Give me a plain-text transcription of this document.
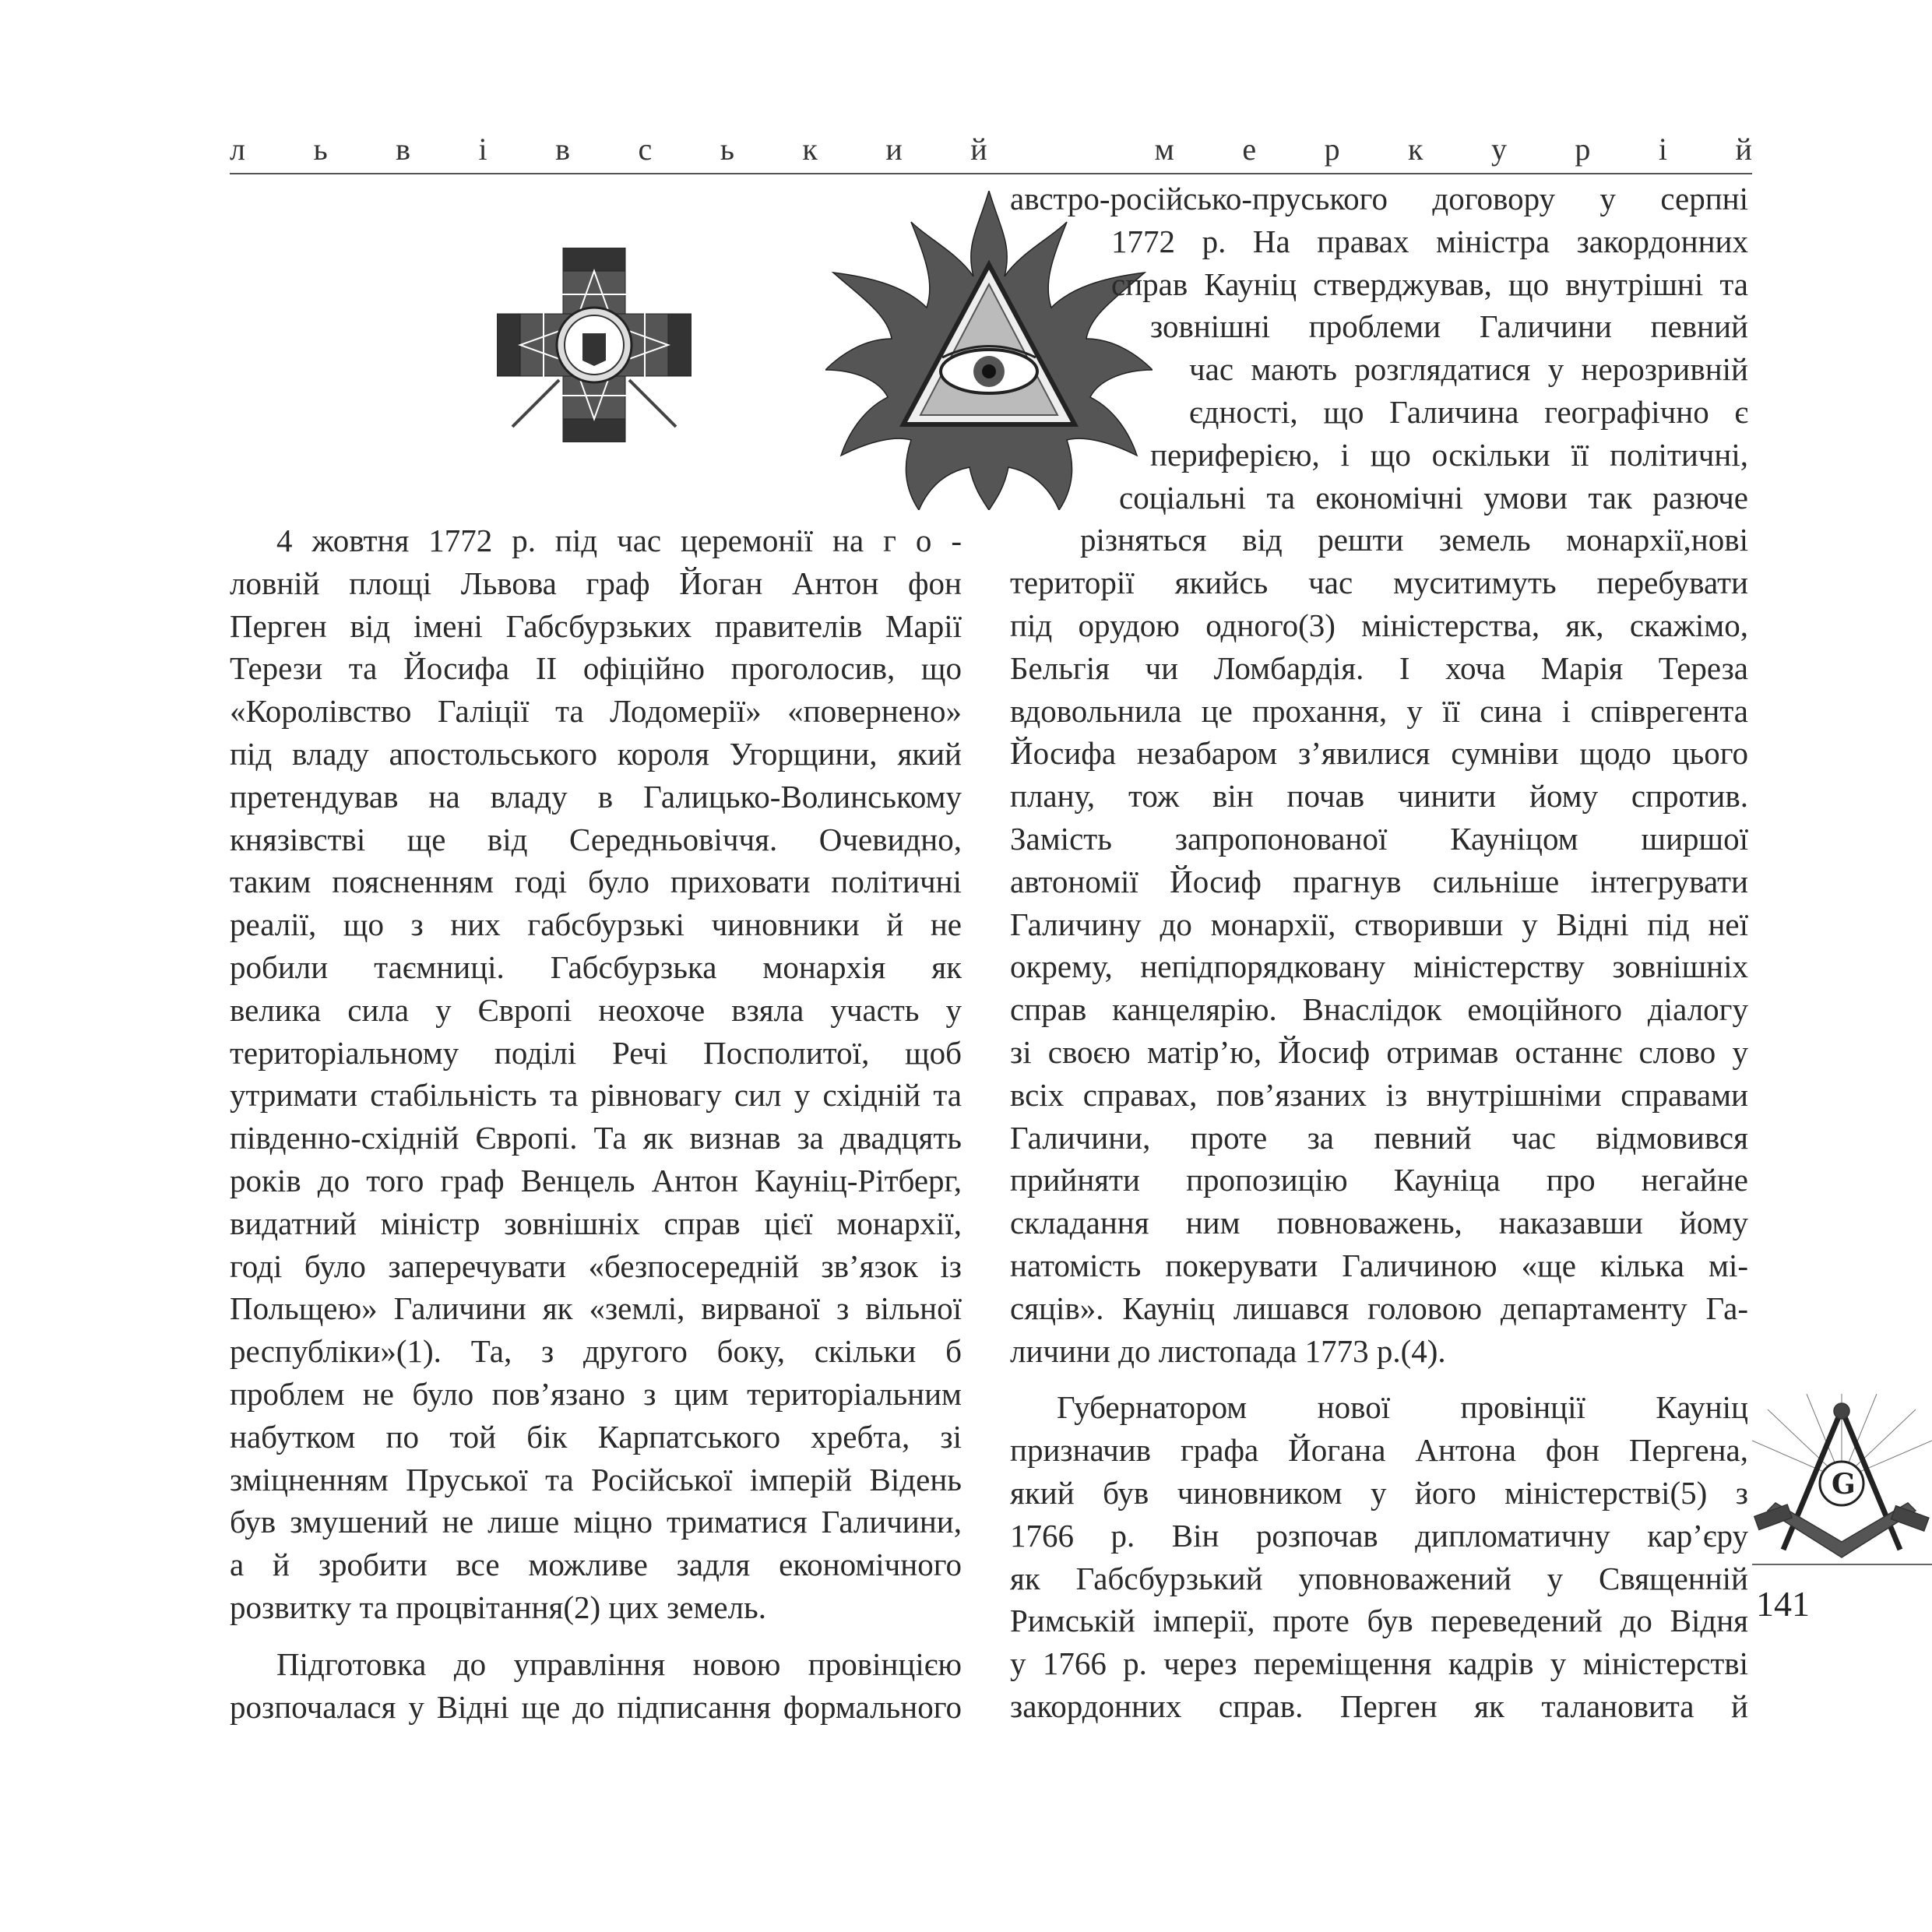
л ь в і в с ь к и й	м е р к у р і й
4 жовтня 1772 р. під час церемонії на г о -
ловній площі Львова граф Йоган Антон фон
Перген від імені Габсбурзьких правителів Марії
Терези та Йосифа II офіційно проголосив, що
«Королівство Галіції та Лодомерії» «повернено»
під владу апостольського короля Угорщини, який
претендував на владу в Галицько-Волинському
князівстві ще від Середньовіччя. Очевидно,
таким поясненням годі було приховати політичні
реалії, що з них габсбурзькі чиновники й не
робили таємниці. Габсбурзька монархія як
велика сила у Європі неохоче взяла участь у
територіальному поділі Речі Посполитої, щоб
утримати стабільність та рівновагу сил у східній та
південно-східній Європі. Та як визнав за двадцять
років до того граф Венцель Антон Кауніц-Рітберг,
видатний міністр зовнішніх справ цієї монархії,
годі було заперечувати «безпосередній зв’язок із
Польщею» Галичини як «землі, вирваної з вільної
республіки»(1). Та, з другого боку, скільки б
проблем не було пов’язано з цим територіальним
набутком по той бік Карпатського хребта, зі
зміцненням Пруської та Російської імперій Відень
був змушений не лише міцно триматися Галичини,
а й зробити все можливе задля економічного
розвитку та процвітання(2) цих земель.
Підготовка до управління новою провінцією
розпочалася у Відні ще до підписання формального
австро-російсько-пруського договору у серпні
1772 р. На правах міністра закордонних
справ Кауніц стверджував, що внутрішні та
зовнішні проблеми Галичини певний
час мають розглядатися у нерозривній
єдності, що Галичина географічно є
периферією, і що оскільки її політичні,
соціальні та економічні умови так разюче
різняться від решти земель монархії,нові
території якийсь час муситимуть перебувати
під орудою одного(3) міністерства, як, скажімо,
Бельгія чи Ломбардія. І хоча Марія Тереза
вдовольнила це прохання, у її сина і співрегента
Йосифа незабаром з’явилися сумніви щодо цього
плану, тож він почав чинити йому спротив.
Замість запропонованої Кауніцом ширшої
автономії Йосиф прагнув сильніше інтегрувати
Галичину до монархії, створивши у Відні під неї
окрему, непідпорядковану міністерству зовнішніх
справ канцелярію. Внаслідок емоційного діалогу
зі своєю матір’ю, Йосиф отримав останнє слово у
всіх справах, пов’язаних із внутрішніми справами
Галичини, проте за певний час відмовився
прийняти пропозицію Кауніца про негайне
складання ним повноважень, наказавши йому
натомість покерувати Галичиною «ще кілька мі-
сяців». Кауніц лишався головою департаменту Га-
личини до листопада 1773 р.(4).
Губернатором нової провінції Кауніц
призначив графа Йогана Антона фон Пергена,
який був чиновником у його міністерстві(5) з
1766 р. Він розпочав дипломатичну кар’єру
як Габсбурзький уповноважений у Священній
Римській імперії, проте був переведений до Відня
у 1766 р. через переміщення кадрів у міністерстві
закордонних справ. Перген як талановита й
G
141
